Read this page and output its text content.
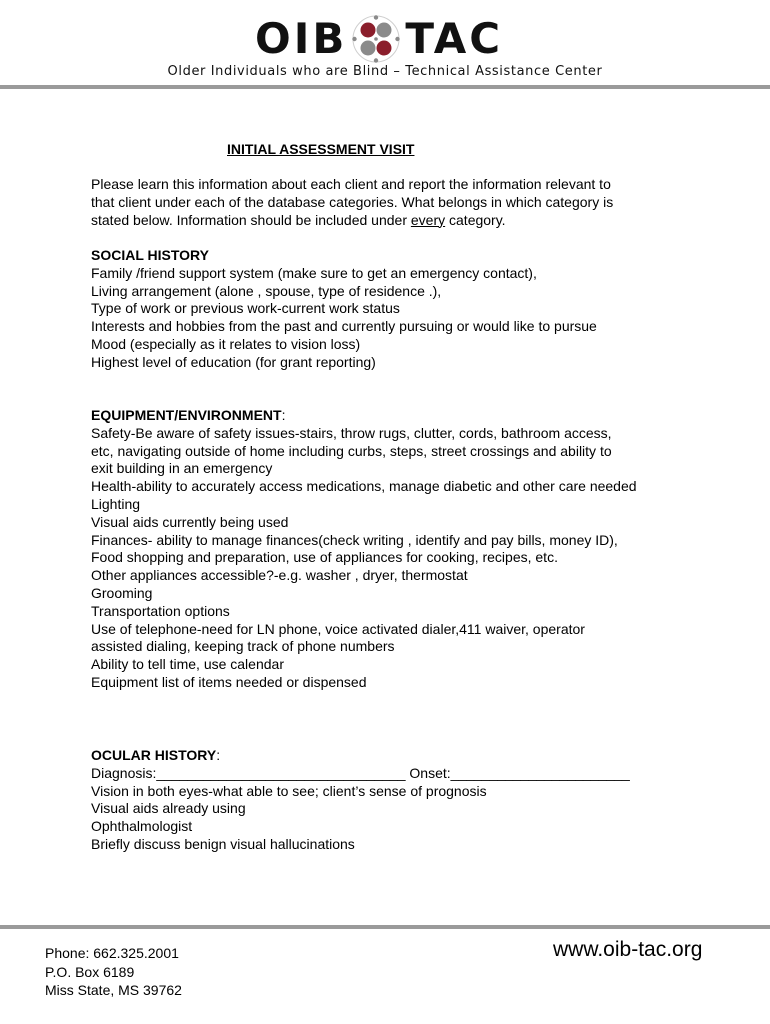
OIB TAC
Older Individuals who are Blind – Technical Assistance Center
INITIAL ASSESSMENT VISIT
Please learn this information about each client and report the information relevant to
that client under each of the database categories. What belongs in which category is
stated below. Information should be included under every category.
SOCIAL HISTORY
Family /friend support system (make sure to get an emergency contact),
Living arrangement (alone , spouse, type of residence .),
Type of work or previous work-current work status
Interests and hobbies from the past and currently pursuing or would like to pursue
Mood (especially as it relates to vision loss)
Highest level of education (for grant reporting)
EQUIPMENT/ENVIRONMENT:
Safety-Be aware of safety issues-stairs, throw rugs, clutter, cords, bathroom access,
etc, navigating outside of home including curbs, steps, street crossings and ability to
exit building in an emergency
Health-ability to accurately access medications, manage diabetic and other care needed
Lighting
Visual aids currently being used
Finances- ability to manage finances(check writing , identify and pay bills, money ID),
Food shopping and preparation, use of appliances for cooking, recipes, etc.
Other appliances accessible?-e.g. washer , dryer, thermostat
Grooming
Transportation options
Use of telephone-need for LN phone, voice activated dialer,411 waiver, operator
assisted dialing, keeping track of phone numbers
Ability to tell time, use calendar
Equipment list of items needed or dispensed
OCULAR HISTORY:
Diagnosis:________________________________ Onset:_______________________
Vision in both eyes-what able to see; client’s sense of prognosis
Visual aids already using
Ophthalmologist
Briefly discuss benign visual hallucinations
Phone: 662.325.2001
P.O. Box 6189
Miss State, MS 39762
www.oib-tac.org
